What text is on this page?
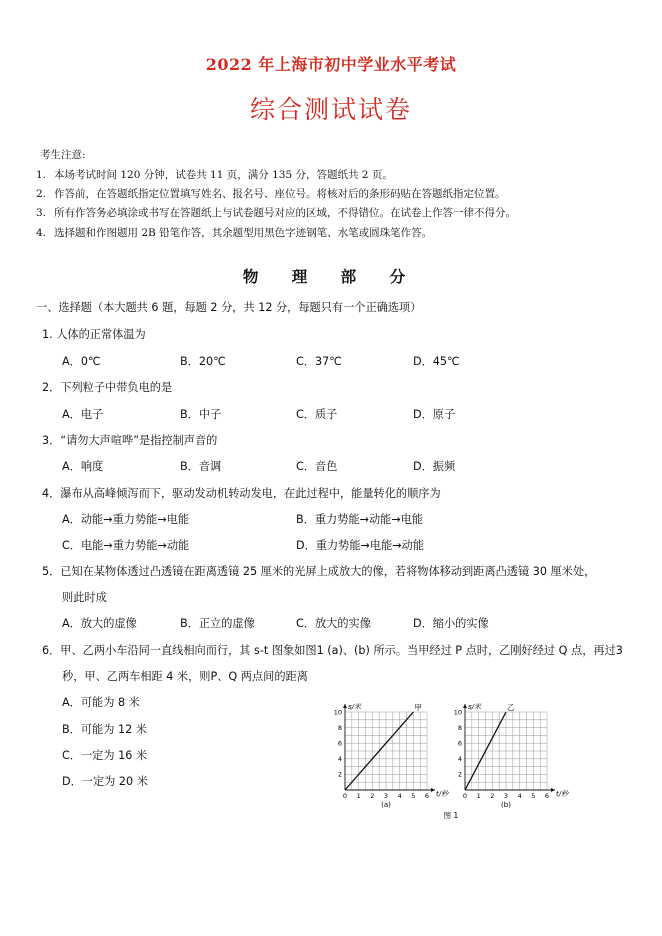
2022 年上海市初中学业水平考试
综合测试试卷
考生注意:
1. 本场考试时间 120 分钟，试卷共 11 页，满分 135 分，答题纸共 2 页。
2. 作答前，在答题纸指定位置填写姓名、报名号、座位号。将核对后的条形码贴在答题纸指定位置。
3. 所有作答务必填涂或书写在答题纸上与试卷题号对应的区域，不得错位。在试卷上作答一律不得分。
4. 选择题和作图题用 2B 铅笔作答，其余题型用黑色字迹钢笔、水笔或圆珠笔作答。
物 理 部 分
一、选择题（本大题共 6 题，每题 2 分，共 12 分，每题只有一个正确选项）
1. 人体的正常体温为
A．0℃	B．20℃	C．37℃	D．45℃
2．下列粒子中带负电的是
A．电子	B．中子	C．质子	D．原子
3．“请勿大声喧哗”是指控制声音的
A．响度	B．音调	C．音色	D．振频
4．瀑布从高峰倾泻而下，驱动发动机转动发电，在此过程中，能量转化的顺序为
A．动能→重力势能→电能	B．重力势能→动能→电能
C．电能→重力势能→动能	D．重力势能→电能→动能
5．已知在某物体透过凸透镜在距离透镜 25 厘米的光屏上成放大的像，若将物体移动到距离凸透镜 30 厘米处，
则此时成
A．放大的虚像	B．正立的虚像	C．放大的实像	D．缩小的实像
6．甲、乙两小车沿同一直线相向而行，其 s-t 图象如图1 (a)、(b) 所示。当甲经过 P 点时，乙刚好经过 Q 点，再过3
秒，甲、乙两车相距 4 米，则P、Q 两点间的距离
A．可能为 8 米
B．可能为 12 米
C．一定为 16 米
D．一定为 20 米
0 1 2 3 4 5 6
2
4
6
8
10
s/米
t/秒
甲
(a)
0 1 2 3 4 5 6
2
4
6
8
10
s/米
t/秒
乙
(b)
图 1
